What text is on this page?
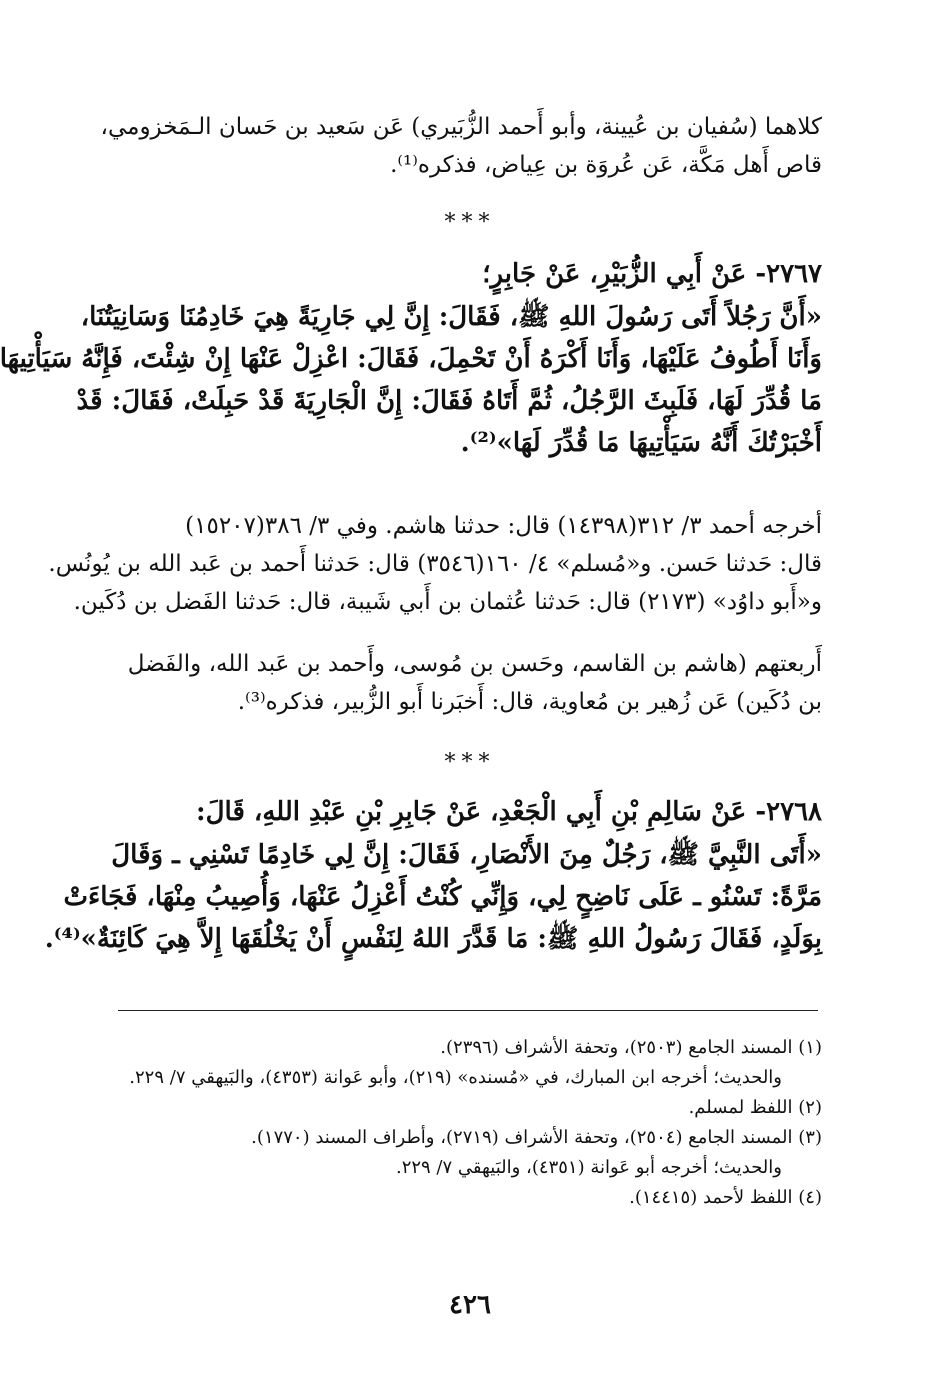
كلاهما (سُفيان بن عُيينة، وأبو أَحمد الزُّبَيري) عَن سَعيد بن حَسان الـمَخزومي،
قاص أَهل مَكَّة، عَن عُروَة بن عِياض، فذكره⁽¹⁾.
***
٢٧٦٧- عَنْ أَبِي الزُّبَيْرِ، عَنْ جَابِرٍ؛
«أَنَّ رَجُلاً أَتَى رَسُولَ اللهِ ﷺ، فَقَالَ: إِنَّ لِي جَارِيَةً هِيَ خَادِمُنَا وَسَانِيَتُنَا،
وَأَنَا أَطُوفُ عَلَيْهَا، وَأَنَا أَكْرَهُ أَنْ تَحْمِلَ، فَقَالَ: اعْزِلْ عَنْهَا إِنْ شِئْتَ، فَإِنَّهُ سَيَأْتِيهَا
مَا قُدِّرَ لَهَا، فَلَبِثَ الرَّجُلُ، ثُمَّ أَتَاهُ فَقَالَ: إِنَّ الْجَارِيَةَ قَدْ حَبِلَتْ، فَقَالَ: قَدْ
أَخْبَرْتُكَ أَنَّهُ سَيَأْتِيهَا مَا قُدِّرَ لَهَا»⁽²⁾.
أخرجه أحمد ٣/ ٣١٢(١٤٣٩٨) قال: حدثنا هاشم. وفي ٣/ ٣٨٦(١٥٢٠٧)
قال: حَدثنا حَسن. و«مُسلم» ٤/ ١٦٠(٣٥٤٦) قال: حَدثنا أَحمد بن عَبد الله بن يُونُس.
و«أَبو داوُد» (٢١٧٣) قال: حَدثنا عُثمان بن أَبي شَيبة، قال: حَدثنا الفَضل بن دُكَين.
أَربعتهم (هاشم بن القاسم، وحَسن بن مُوسى، وأَحمد بن عَبد الله، والفَضل
بن دُكَين) عَن زُهير بن مُعاوية، قال: أَخبَرنا أَبو الزُّبير، فذكره⁽³⁾.
***
٢٧٦٨- عَنْ سَالِمِ بْنِ أَبِي الْجَعْدِ، عَنْ جَابِرِ بْنِ عَبْدِ اللهِ، قَالَ:
«أَتَى النَّبِيَّ ﷺ، رَجُلٌ مِنَ الأَنْصَارِ، فَقَالَ: إِنَّ لِي خَادِمًا تَسْنِي ـ وَقَالَ
مَرَّةً: تَسْنُو ـ عَلَى نَاضِحٍ لِي، وَإِنِّي كُنْتُ أَعْزِلُ عَنْهَا، وَأُصِيبُ مِنْهَا، فَجَاءَتْ
بِوَلَدٍ، فَقَالَ رَسُولُ اللهِ ﷺ: مَا قَدَّرَ اللهُ لِنَفْسٍ أَنْ يَخْلُقَهَا إِلاَّ هِيَ كَائِنَةٌ»⁽⁴⁾.
(١) المسند الجامع (٢٥٠٣)، وتحفة الأشراف (٢٣٩٦).
والحديث؛ أخرجه ابن المبارك، في «مُسنده» (٢١٩)، وأبو عَوانة (٤٣٥٣)، والبَيهقي ٧/ ٢٢٩.
(٢) اللفظ لمسلم.
(٣) المسند الجامع (٢٥٠٤)، وتحفة الأشراف (٢٧١٩)، وأطراف المسند (١٧٧٠).
والحديث؛ أخرجه أبو عَوانة (٤٣٥١)، والبَيهقي ٧/ ٢٢٩.
(٤) اللفظ لأحمد (١٤٤١٥).
٤٢٦
